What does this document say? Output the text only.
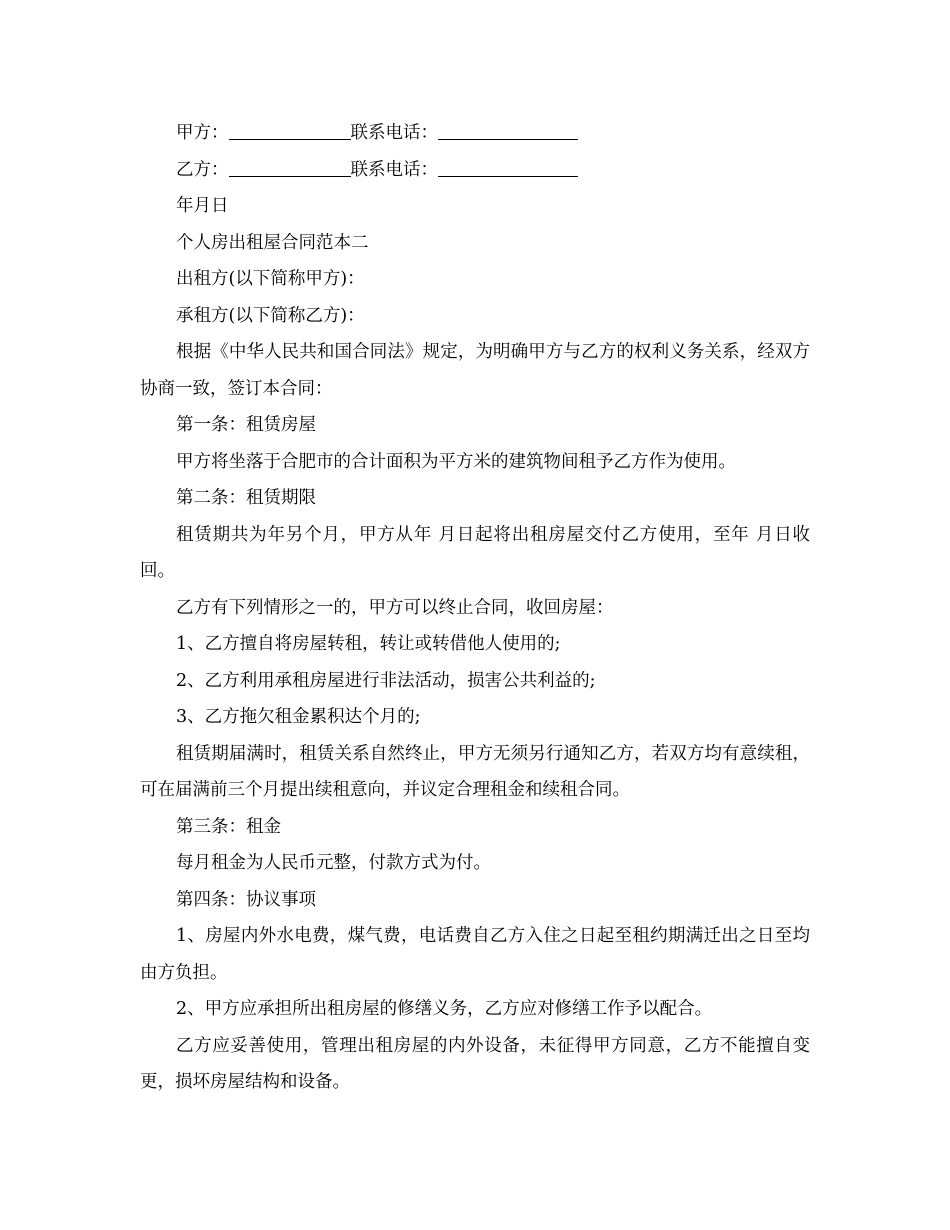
甲方：	联系电话：

乙方：	联系电话：

年月日

个人房出租屋合同范本二

出租方(以下简称甲方)：

承租方(以下简称乙方)：

根据《中华人民共和国合同法》规定，为明确甲方与乙方的权利义务关系，经双方协商一致，签订本合同：

第一条：租赁房屋

甲方将坐落于合肥市的合计面积为平方米的建筑物间租予乙方作为使用。

第二条：租赁期限

租赁期共为年另个月，甲方从年 月日起将出租房屋交付乙方使用，至年 月日收回。

乙方有下列情形之一的，甲方可以终止合同，收回房屋：

1、乙方擅自将房屋转租，转让或转借他人使用的;

2、乙方利用承租房屋进行非法活动，损害公共利益的;

3、乙方拖欠租金累积达个月的;

租赁期届满时，租赁关系自然终止，甲方无须另行通知乙方，若双方均有意续租，可在届满前三个月提出续租意向，并议定合理租金和续租合同。

第三条：租金

每月租金为人民币元整，付款方式为付。

第四条：协议事项

1、房屋内外水电费，煤气费，电话费自乙方入住之日起至租约期满迁出之日至均由方负担。

2、甲方应承担所出租房屋的修缮义务，乙方应对修缮工作予以配合。

乙方应妥善使用，管理出租房屋的内外设备，未征得甲方同意，乙方不能擅自变更，损坏房屋结构和设备。
